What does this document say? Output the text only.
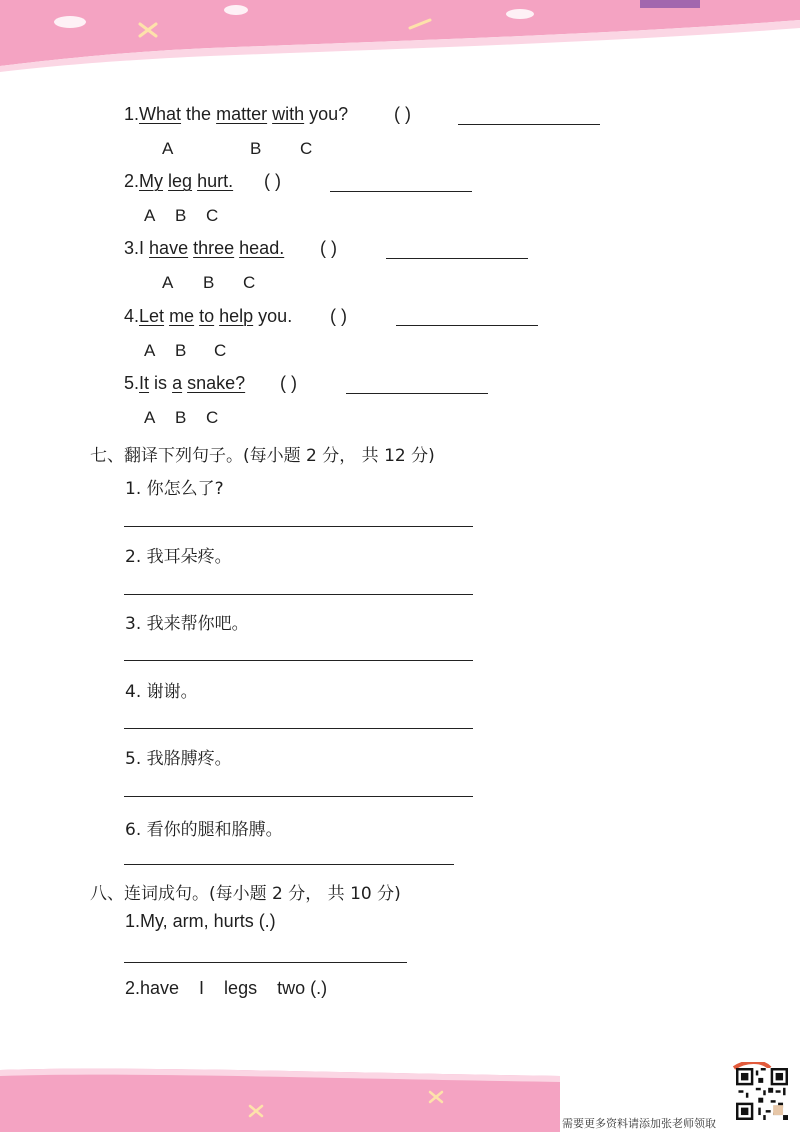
1.What the matter with you?	( )
A	B C
2.My leg hurt. ( )
A B C
3.I have three head. ( )
A B C
4.Let me to help you. ( )
A B C
5.It is a snake? ( )
A B C
七、翻译下列句子。(每小题 2 分， 共 12 分)
1. 你怎么了?
2. 我耳朵疼。
3. 我来帮你吧。
4. 谢谢。
5. 我胳膊疼。
6. 看你的腿和胳膊。
八、连词成句。(每小题 2 分， 共 10 分)
1.My, arm, hurts (.)
2.have    I    legs    two (.)
需要更多资料请添加张老师领取
